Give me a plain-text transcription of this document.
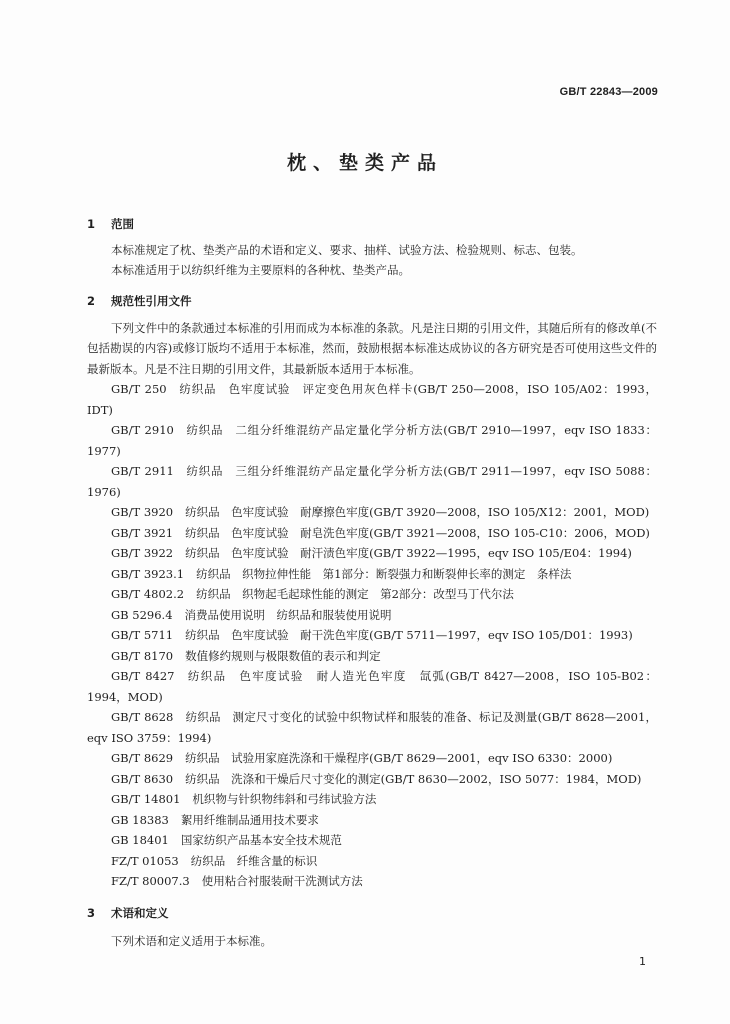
GB/T 22843—2009
枕、垫类产品
1 范围

本标准规定了枕、垫类产品的术语和定义、要求、抽样、试验方法、检验规则、标志、包装。

本标准适用于以纺织纤维为主要原料的各种枕、垫类产品。

2 规范性引用文件

下列文件中的条款通过本标准的引用而成为本标准的条款。凡是注日期的引用文件，其随后所有的修改单(不包括勘误的内容)或修订版均不适用于本标准，然而，鼓励根据本标准达成协议的各方研究是否可使用这些文件的最新版本。凡是不注日期的引用文件，其最新版本适用于本标准。

GB/T 250 纺织品　色牢度试验　评定变色用灰色样卡(GB/T 250—2008，ISO 105/A02：1993，IDT)
GB/T 2910 纺织品　二组分纤维混纺产品定量化学分析方法(GB/T 2910—1997，eqv ISO 1833：1977)
GB/T 2911 纺织品　三组分纤维混纺产品定量化学分析方法(GB/T 2911—1997，eqv ISO 5088：1976)
GB/T 3920 纺织品　色牢度试验　耐摩擦色牢度(GB/T 3920—2008，ISO 105/X12：2001，MOD)
GB/T 3921 纺织品　色牢度试验　耐皂洗色牢度(GB/T 3921—2008，ISO 105-C10：2006，MOD)
GB/T 3922 纺织品　色牢度试验　耐汗渍色牢度(GB/T 3922—1995，eqv ISO 105/E04：1994)
GB/T 3923.1 纺织品　织物拉伸性能　第1部分：断裂强力和断裂伸长率的测定　条样法
GB/T 4802.2 纺织品　织物起毛起球性能的测定　第2部分：改型马丁代尔法
GB 5296.4 消费品使用说明　纺织品和服装使用说明
GB/T 5711 纺织品　色牢度试验　耐干洗色牢度(GB/T 5711—1997，eqv ISO 105/D01：1993)
GB/T 8170 数值修约规则与极限数值的表示和判定
GB/T 8427 纺织品　色牢度试验　耐人造光色牢度　氙弧(GB/T 8427—2008，ISO 105-B02：1994，MOD)
GB/T 8628 纺织品　测定尺寸变化的试验中织物试样和服装的准备、标记及测量(GB/T 8628—2001，eqv ISO 3759：1994)
GB/T 8629 纺织品　试验用家庭洗涤和干燥程序(GB/T 8629—2001，eqv ISO 6330：2000)
GB/T 8630 纺织品　洗涤和干燥后尺寸变化的测定(GB/T 8630—2002，ISO 5077：1984，MOD)
GB/T 14801 机织物与针织物纬斜和弓纬试验方法
GB 18383 絮用纤维制品通用技术要求
GB 18401 国家纺织产品基本安全技术规范
FZ/T 01053 纺织品　纤维含量的标识
FZ/T 80007.3 使用粘合衬服装耐干洗测试方法
3 术语和定义

下列术语和定义适用于本标准。

1
